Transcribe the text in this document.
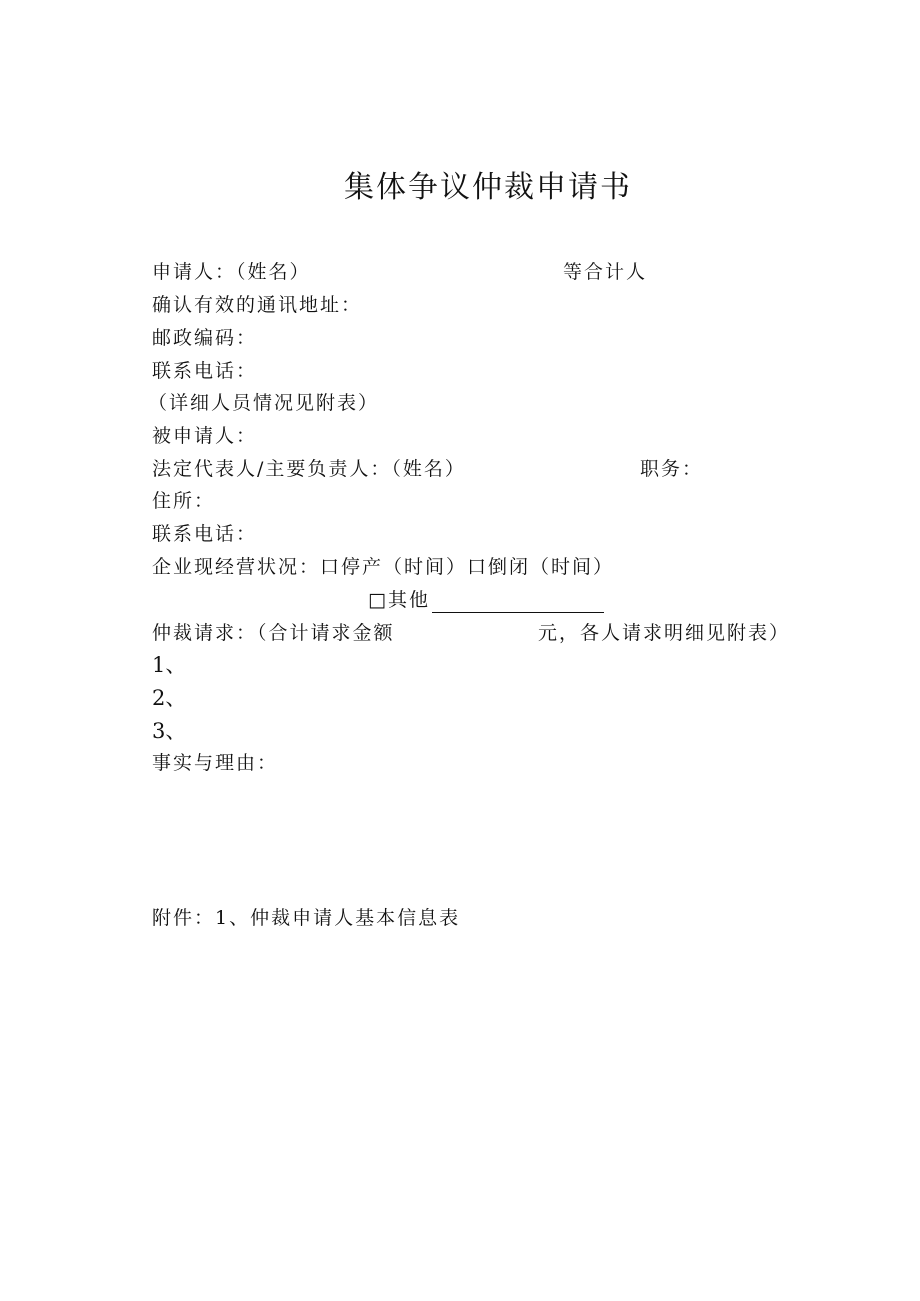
集体争议仲裁申请书
申请人：（姓名）	等合计人
确认有效的通讯地址：
邮政编码：
联系电话：
（详细人员情况见附表）
被申请人：
法定代表人/主要负责人：（姓名）	职务：
住所：
联系电话：
企业现经营状况：口停产（时间）口倒闭（时间）
□其他
仲裁请求：（合计请求金额	元，各人请求明细见附表）
1、
2、
3、
事实与理由：
附件：1、仲裁申请人基本信息表
